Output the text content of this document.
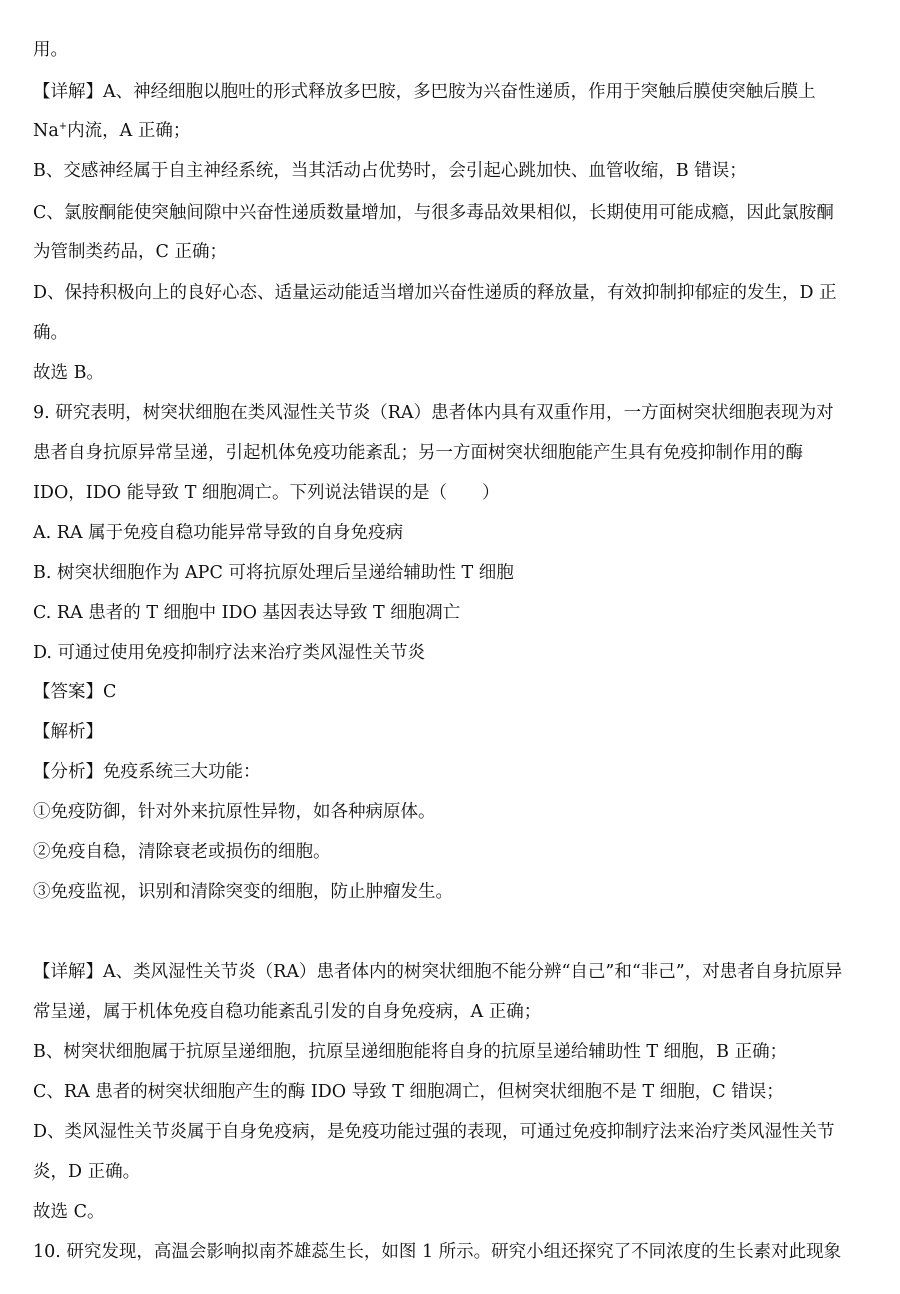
用。
【详解】A、神经细胞以胞吐的形式释放多巴胺，多巴胺为兴奋性递质，作用于突触后膜使突触后膜上
Na+内流，A 正确；
B、交感神经属于自主神经系统，当其活动占优势时，会引起心跳加快、血管收缩，B 错误；
C、氯胺酮能使突触间隙中兴奋性递质数量增加，与很多毒品效果相似，长期使用可能成瘾，因此氯胺酮
为管制类药品，C 正确；
D、保持积极向上的良好心态、适量运动能适当增加兴奋性递质的释放量，有效抑制抑郁症的发生，D 正
确。
故选 B。
9. 研究表明，树突状细胞在类风湿性关节炎（RA）患者体内具有双重作用，一方面树突状细胞表现为对
患者自身抗原异常呈递，引起机体免疫功能紊乱；另一方面树突状细胞能产生具有免疫抑制作用的酶
IDO，IDO 能导致 T 细胞凋亡。下列说法错误的是（　　）
A. RA 属于免疫自稳功能异常导致的自身免疫病
B. 树突状细胞作为 APC 可将抗原处理后呈递给辅助性 T 细胞
C. RA 患者的 T 细胞中 IDO 基因表达导致 T 细胞凋亡
D. 可通过使用免疫抑制疗法来治疗类风湿性关节炎
【答案】C
【解析】
【分析】免疫系统三大功能：
①免疫防御，针对外来抗原性异物，如各种病原体。
②免疫自稳，清除衰老或损伤的细胞。
③免疫监视，识别和清除突变的细胞，防止肿瘤发生。
【详解】A、类风湿性关节炎（RA）患者体内的树突状细胞不能分辨“自己”和“非己”，对患者自身抗原异
常呈递，属于机体免疫自稳功能紊乱引发的自身免疫病，A 正确；
B、树突状细胞属于抗原呈递细胞，抗原呈递细胞能将自身的抗原呈递给辅助性 T 细胞，B 正确；
C、RA 患者的树突状细胞产生的酶 IDO 导致 T 细胞凋亡，但树突状细胞不是 T 细胞，C 错误；
D、类风湿性关节炎属于自身免疫病，是免疫功能过强的表现，可通过免疫抑制疗法来治疗类风湿性关节
炎，D 正确。
故选 C。
10. 研究发现，高温会影响拟南芥雄蕊生长，如图 1 所示。研究小组还探究了不同浓度的生长素对此现象
